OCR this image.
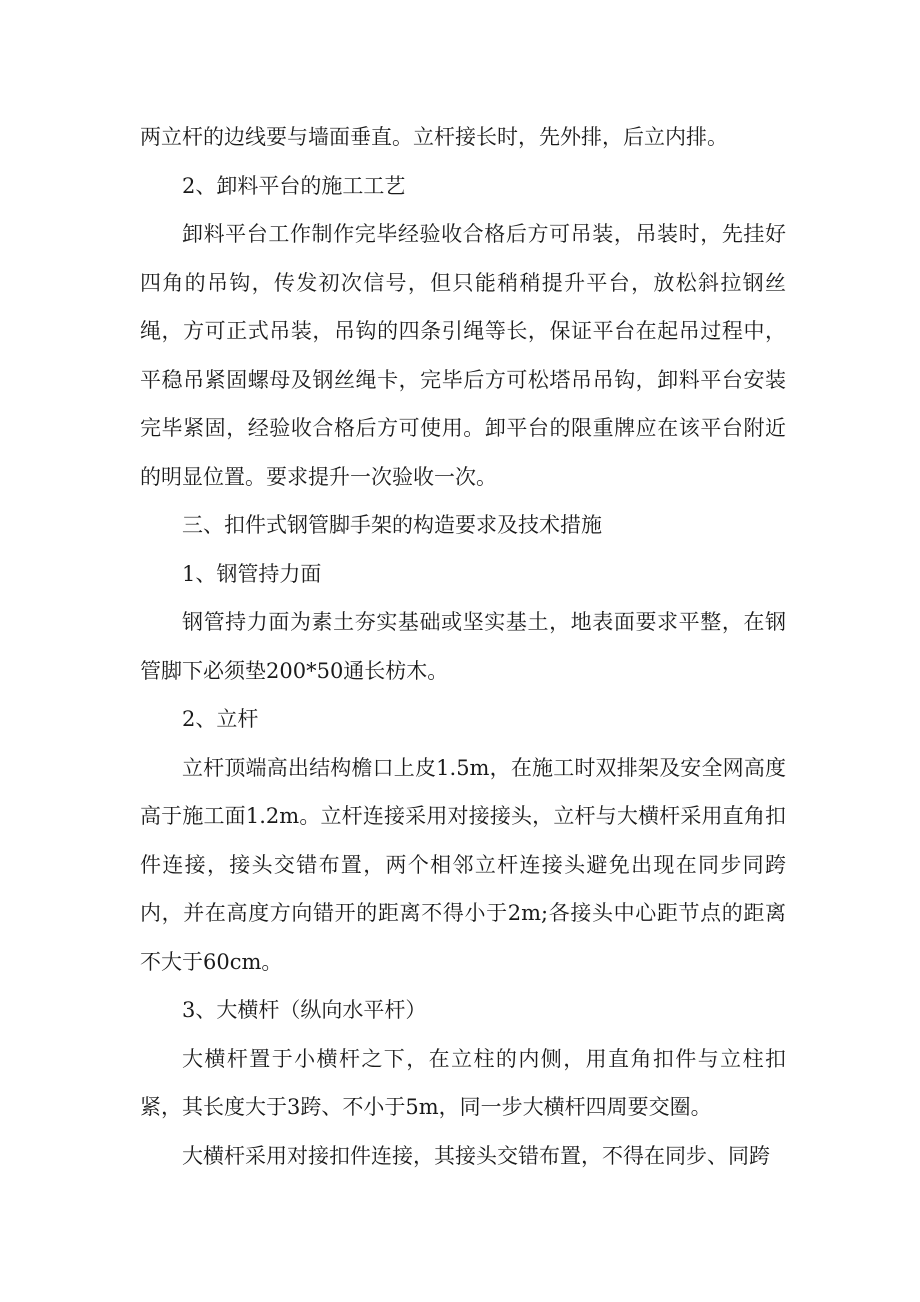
两立杆的边线要与墙面垂直。立杆接长时，先外排，后立内排。

2、卸料平台的施工工艺

卸料平台工作制作完毕经验收合格后方可吊装，吊装时，先挂好四角的吊钩，传发初次信号，但只能稍稍提升平台，放松斜拉钢丝绳，方可正式吊装，吊钩的四条引绳等长，保证平台在起吊过程中，平稳吊紧固螺母及钢丝绳卡，完毕后方可松塔吊吊钩，卸料平台安装完毕紧固，经验收合格后方可使用。卸平台的限重牌应在该平台附近的明显位置。要求提升一次验收一次。

三、扣件式钢管脚手架的构造要求及技术措施

1、钢管持力面

钢管持力面为素土夯实基础或坚实基土，地表面要求平整，在钢管脚下必须垫200*50通长枋木。

2、立杆

立杆顶端高出结构檐口上皮1.5m，在施工时双排架及安全网高度高于施工面1.2m。立杆连接采用对接接头，立杆与大横杆采用直角扣件连接，接头交错布置，两个相邻立杆连接头避免出现在同步同跨内，并在高度方向错开的距离不得小于2m;各接头中心距节点的距离不大于60cm。

3、大横杆（纵向水平杆）

大横杆置于小横杆之下，在立柱的内侧，用直角扣件与立柱扣紧，其长度大于3跨、不小于5m，同一步大横杆四周要交圈。

大横杆采用对接扣件连接，其接头交错布置，不得在同步、同跨
